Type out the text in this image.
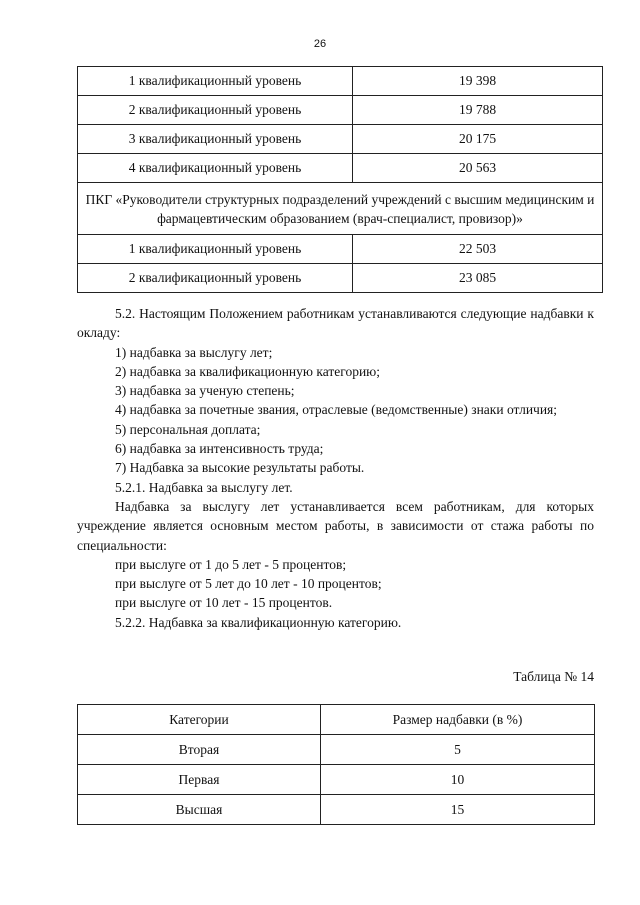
26
1 квалификационный уровень	19 398
2 квалификационный уровень	19 788
3 квалификационный уровень	20 175
4 квалификационный уровень	20 563
ПКГ «Руководители структурных подразделений учреждений с высшим медицинским и фармацевтическим образованием (врач-специалист, провизор)»	
1 квалификационный уровень	22 503
2 квалификационный уровень	23 085

5.2. Настоящим Положением работникам устанавливаются следующие надбавки к окладу:

1) надбавка за выслугу лет;

2) надбавка за квалификационную категорию;

3) надбавка за ученую степень;

4) надбавка за почетные звания, отраслевые (ведомственные) знаки отличия;

5) персональная доплата;

6) надбавка за интенсивность труда;

7) Надбавка за высокие результаты работы.

5.2.1. Надбавка за выслугу лет.

Надбавка за выслугу лет устанавливается всем работникам, для которых учреждение является основным местом работы, в зависимости от стажа работы по специальности:

при выслуге от 1 до 5 лет - 5 процентов;

при выслуге от 5 лет до 10 лет - 10 процентов;

при выслуге от 10 лет - 15 процентов.

5.2.2. Надбавка за квалификационную категорию.

Таблица № 14
Категории	Размер надбавки (в %)
Вторая	5
Первая	10
Высшая	15
